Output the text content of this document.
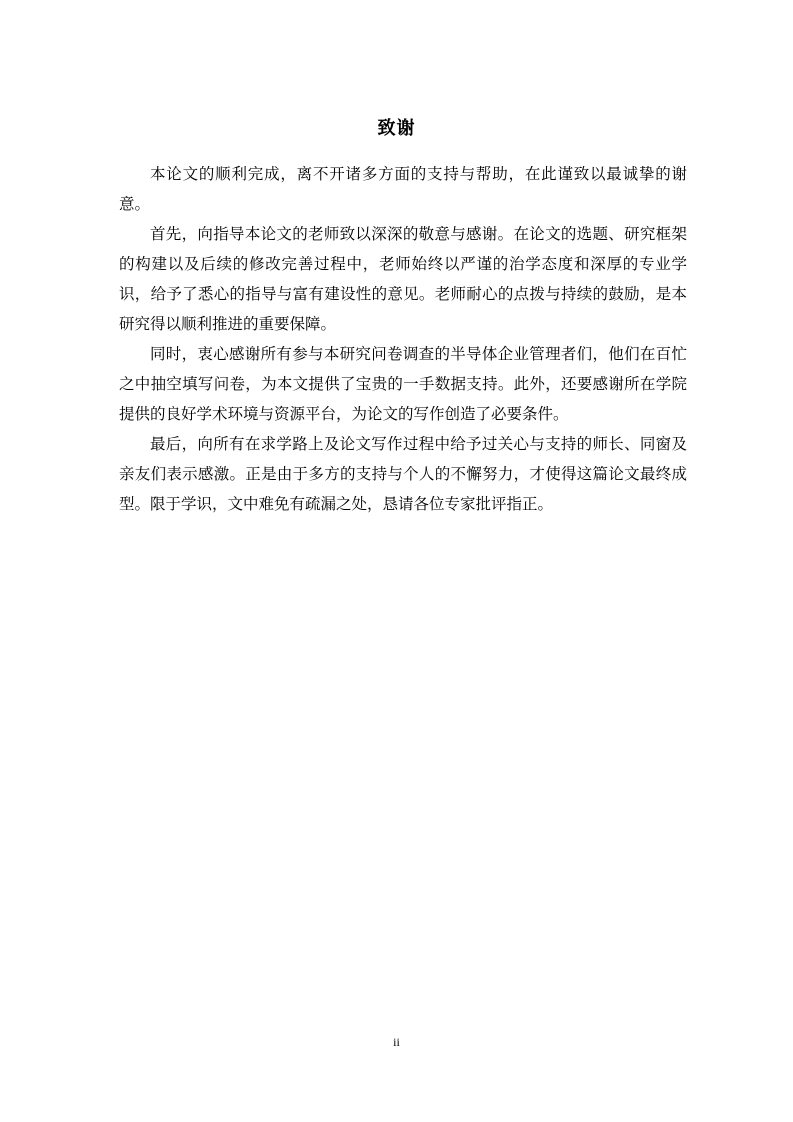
致谢

本论文的顺利完成，离不开诸多方面的支持与帮助，在此谨致以最诚挚的谢意。

首先，向指导本论文的老师致以深深的敬意与感谢。在论文的选题、研究框架的构建以及后续的修改完善过程中，老师始终以严谨的治学态度和深厚的专业学识，给予了悉心的指导与富有建设性的意见。老师耐心的点拨与持续的鼓励，是本研究得以顺利推进的重要保障。

同时，衷心感谢所有参与本研究问卷调查的半导体企业管理者们，他们在百忙之中抽空填写问卷，为本文提供了宝贵的一手数据支持。此外，还要感谢所在学院提供的良好学术环境与资源平台，为论文的写作创造了必要条件。

最后，向所有在求学路上及论文写作过程中给予过关心与支持的师长、同窗及亲友们表示感激。正是由于多方的支持与个人的不懈努力，才使得这篇论文最终成型。限于学识，文中难免有疏漏之处，恳请各位专家批评指正。

ii
